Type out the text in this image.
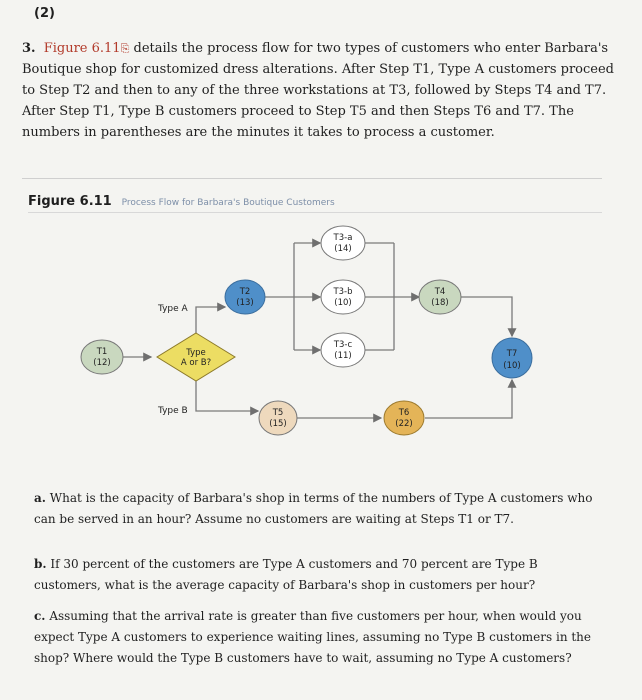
(2)
3. Figure 6.11⎘ details the process flow for two types of customers who enter Barbara's Boutique shop for customized dress alterations. After Step T1, Type A customers proceed to Step T2 and then to any of the three workstations at T3, followed by Steps T4 and T7. After Step T1, Type B customers proceed to Step T5 and then Steps T6 and T7. The numbers in parentheses are the minutes it takes to process a customer.
Figure 6.11 Process Flow for Barbara's Boutique Customers
Type A
Type B
T1
(12)
Type
A or B?
T2
(13)
T3-a
(14)
T3-b
(10)
T3-c
(11)
T4
(18)
T5
(15)
T6
(22)
T7
(10)
a. What is the capacity of Barbara's shop in terms of the numbers of Type A customers who can be served in an hour? Assume no customers are waiting at Steps T1 or T7.
b. If 30 percent of the customers are Type A customers and 70 percent are Type B customers, what is the average capacity of Barbara's shop in customers per hour?
c. Assuming that the arrival rate is greater than five customers per hour, when would you expect Type A customers to experience waiting lines, assuming no Type B customers in the shop? Where would the Type B customers have to wait, assuming no Type A customers?
